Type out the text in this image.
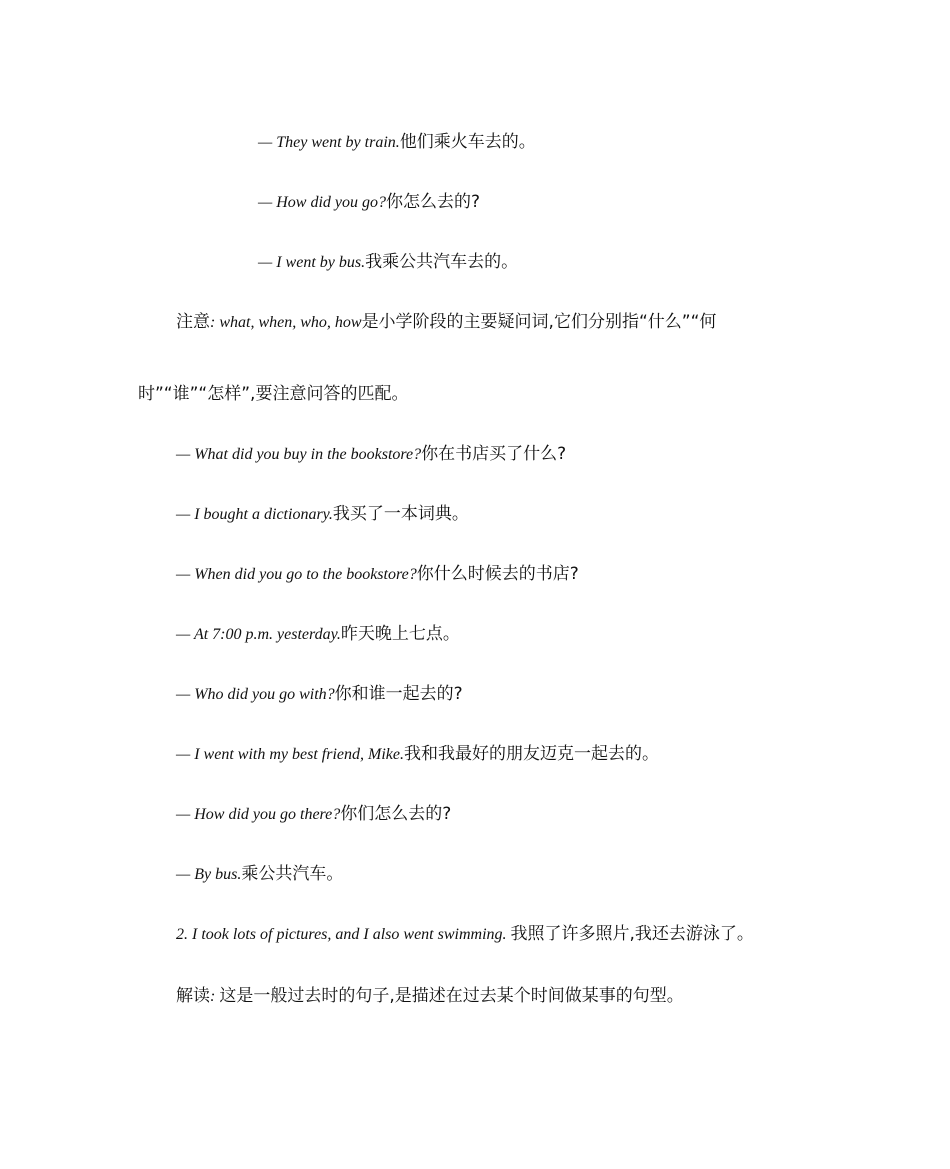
— They went by train.他们乘火车去的。
— How did you go?你怎么去的?
— I went by bus.我乘公共汽车去的。
注意: what, when, who, how是小学阶段的主要疑问词,它们分别指“什么”“何
时”“谁”“怎样”,要注意问答的匹配。
— What did you buy in the bookstore?你在书店买了什么?
— I bought a dictionary.我买了一本词典。
— When did you go to the bookstore?你什么时候去的书店?
— At 7:00 p.m. yesterday.昨天晚上七点。
— Who did you go with?你和谁一起去的?
— I went with my best friend, Mike.我和我最好的朋友迈克一起去的。
— How did you go there?你们怎么去的?
— By bus.乘公共汽车。
2. I took lots of pictures, and I also went swimming. 我照了许多照片,我还去游泳了。
解读: 这是一般过去时的句子,是描述在过去某个时间做某事的句型。
